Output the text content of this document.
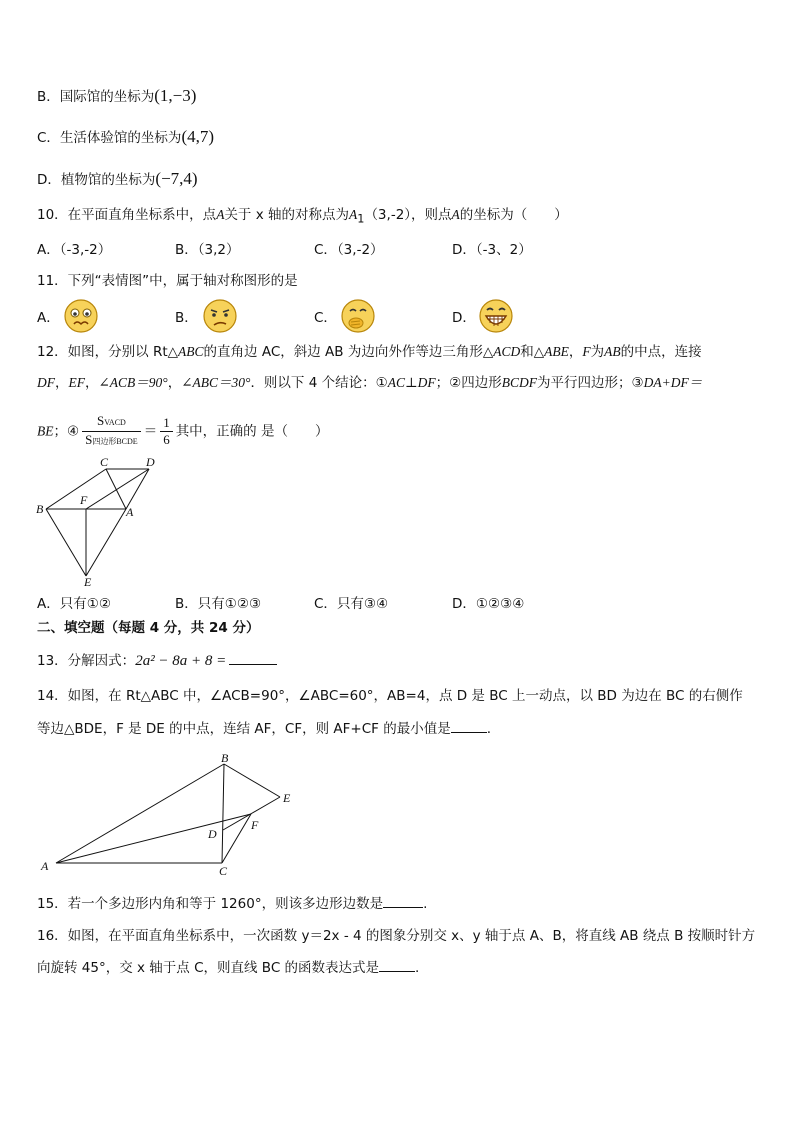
B．国际馆的坐标为(1,−3)
C．生活体验馆的坐标为(4,7)
D．植物馆的坐标为(−7,4)
10．在平面直角坐标系中，点A关于 x 轴的对称点为$A_1(3,-2)$，则点A的坐标为（　　）
A．（-3,-2）	B．（3,2）	C．（3,-2）	D．（-3、2）
11．下列“表情图”中，属于轴对称图形的是
A．	B．	C．	D．
12．如图，分别以 Rt△ABC的直角边 AC，斜边 AB 为边向外作等边三角形△ACD和△ABE，F为AB的中点，连接
DF，EF，∠ACB＝90°，∠ABC＝30°．则以下 4 个结论：①AC⊥DF；②四边形BCDF为平行四边形；③DA+DF＝
BE；④ $\frac{\text{SVACD}}{\text{S四边形BCDE}} = \frac{1}{6}$ 其中，正确的 是（　　）
C	D
B
F
A
E
A．只有①②	B．只有①②③	C．只有③④	D．①②③④
二、填空题（每题 4 分，共 24 分）
13．分解因式：2a² − 8a + 8 =
14．如图，在 Rt△ABC 中，∠ACB=90°，∠ABC=60°，AB=4，点 D 是 BC 上一动点，以 BD 为边在 BC 的右侧作
等边△BDE，F 是 DE 的中点，连结 AF，CF，则 AF+CF 的最小值是	.
B
E
F
D
A	C
15．若一个多边形内角和等于 1260°，则该多边形边数是	.
16．如图，在平面直角坐标系中，一次函数 y＝2x - 4 的图象分别交 x、y 轴于点 A、B，将直线 AB 绕点 B 按顺时针方
向旋转 45°，交 x 轴于点 C，则直线 BC 的函数表达式是	.
